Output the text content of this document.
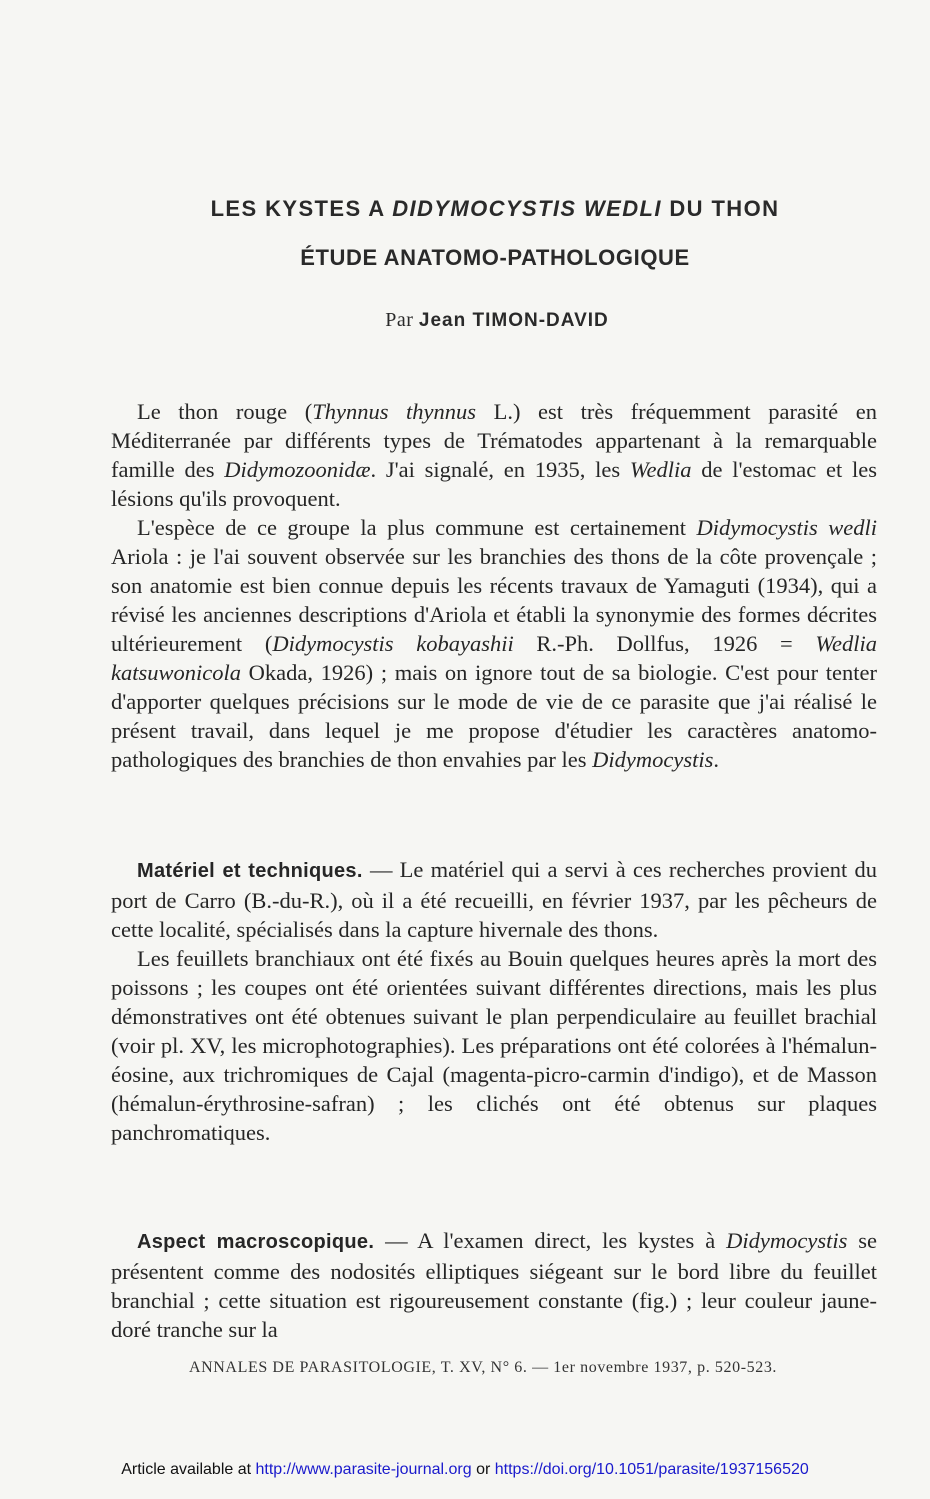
LES KYSTES A DIDYMOCYSTIS WEDLI DU THON
ÉTUDE ANATOMO-PATHOLOGIQUE
Par Jean TIMON-DAVID

Le thon rouge (Thynnus thynnus L.) est très fréquemment parasité en Méditerranée par différents types de Trématodes appartenant à la remarquable famille des Didymozoonidæ. J'ai signalé, en 1935, les Wedlia de l'estomac et les lésions qu'ils provoquent.

L'espèce de ce groupe la plus commune est certainement Didymocystis wedli Ariola : je l'ai souvent observée sur les branchies des thons de la côte provençale ; son anatomie est bien connue depuis les récents travaux de Yamaguti (1934), qui a révisé les anciennes descriptions d'Ariola et établi la synonymie des formes décrites ultérieurement (Didymocystis kobayashii R.-Ph. Dollfus, 1926 = Wedlia katsuwonicola Okada, 1926) ; mais on ignore tout de sa biologie. C'est pour tenter d'apporter quelques précisions sur le mode de vie de ce parasite que j'ai réalisé le présent travail, dans lequel je me propose d'étudier les caractères anatomo-pathologiques des branchies de thon envahies par les Didymocystis.

Matériel et techniques. — Le matériel qui a servi à ces recherches provient du port de Carro (B.-du-R.), où il a été recueilli, en février 1937, par les pêcheurs de cette localité, spécialisés dans la capture hivernale des thons.

Les feuillets branchiaux ont été fixés au Bouin quelques heures après la mort des poissons ; les coupes ont été orientées suivant différentes directions, mais les plus démonstratives ont été obtenues suivant le plan perpendiculaire au feuillet brachial (voir pl. XV, les microphotographies). Les préparations ont été colorées à l'hémalun-éosine, aux trichromiques de Cajal (magenta-picro-carmin d'indigo), et de Masson (hémalun-érythrosine-safran) ; les clichés ont été obtenus sur plaques panchromatiques.

Aspect macroscopique. — A l'examen direct, les kystes à Didymocystis se présentent comme des nodosités elliptiques siégeant sur le bord libre du feuillet branchial ; cette situation est rigoureusement constante (fig.) ; leur couleur jaune-doré tranche sur la

ANNALES DE PARASITOLOGIE, T. XV, N° 6. — 1er novembre 1937, p. 520-523.
Article available at http://www.parasite-journal.org or https://doi.org/10.1051/parasite/1937156520
